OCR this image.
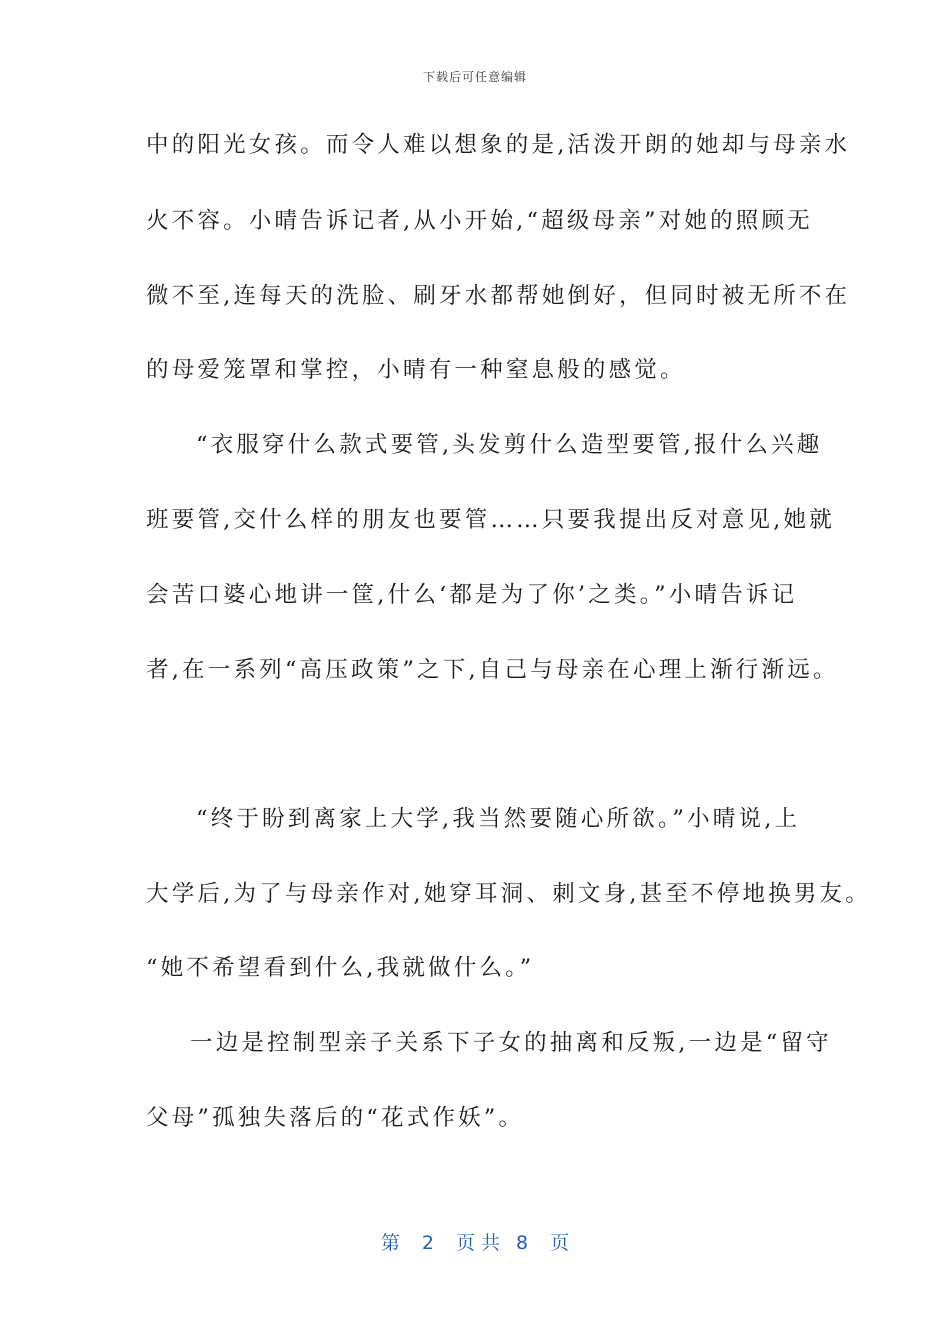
下载后可任意编辑
中的阳光女孩。而令人难以想象的是,活泼开朗的她却与母亲水
火不容。小晴告诉记者,从小开始,“超级母亲”对她的照顾无
微不至,连每天的洗脸、刷牙水都帮她倒好，但同时被无所不在
的母爱笼罩和掌控，小晴有一种窒息般的感觉。
“衣服穿什么款式要管,头发剪什么造型要管,报什么兴趣
班要管,交什么样的朋友也要管……只要我提出反对意见,她就
会苦口婆心地讲一筐,什么‘都是为了你’之类。”小晴告诉记
者,在一系列“高压政策”之下,自己与母亲在心理上渐行渐远。
“终于盼到离家上大学,我当然要随心所欲。”小晴说,上
大学后,为了与母亲作对,她穿耳洞、刺文身,甚至不停地换男友。
“她不希望看到什么,我就做什么。”
一边是控制型亲子关系下子女的抽离和反叛,一边是“留守
父母”孤独失落后的“花式作妖”。
第 2 页共 8 页
